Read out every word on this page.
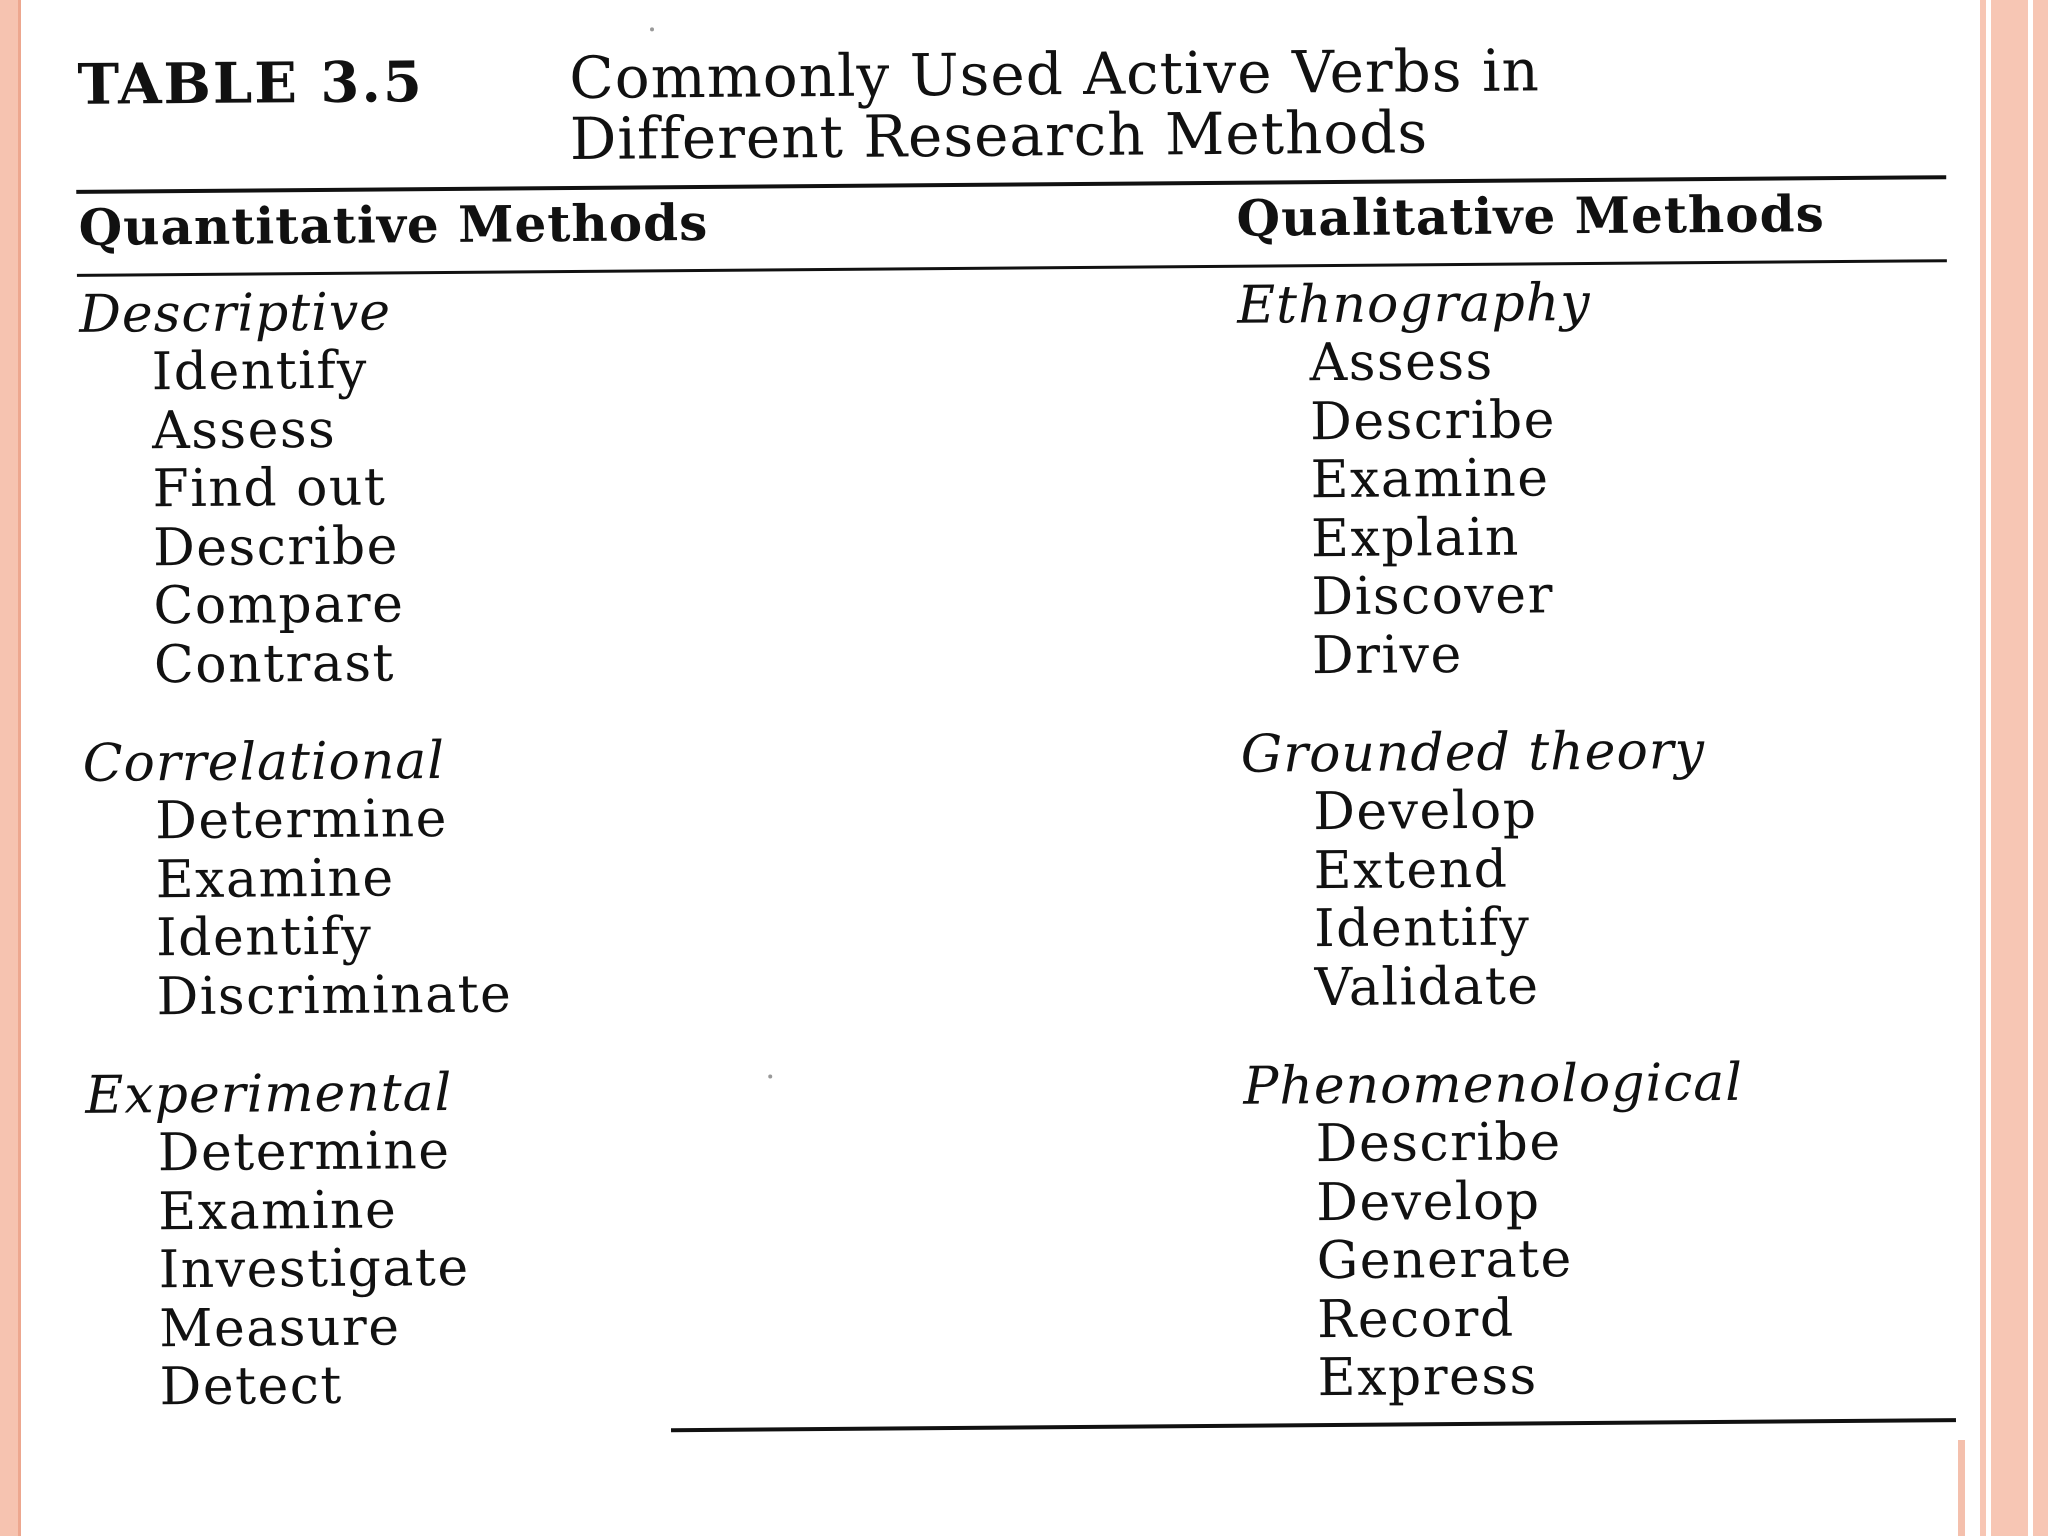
TABLE 3.5	Commonly Used Active Verbs in
Different Research Methods
Quantitative Methods	Qualitative Methods
Descriptive
Identify
Assess
Find out
Describe
Compare
Contrast
Correlational
Determine
Examine
Identify
Discriminate
Experimental
Determine
Examine
Investigate
Measure
Detect
Ethnography
Assess
Describe
Examine
Explain
Discover
Drive
Grounded theory
Develop
Extend
Identify
Validate
Phenomenological
Describe
Develop
Generate
Record
Express
